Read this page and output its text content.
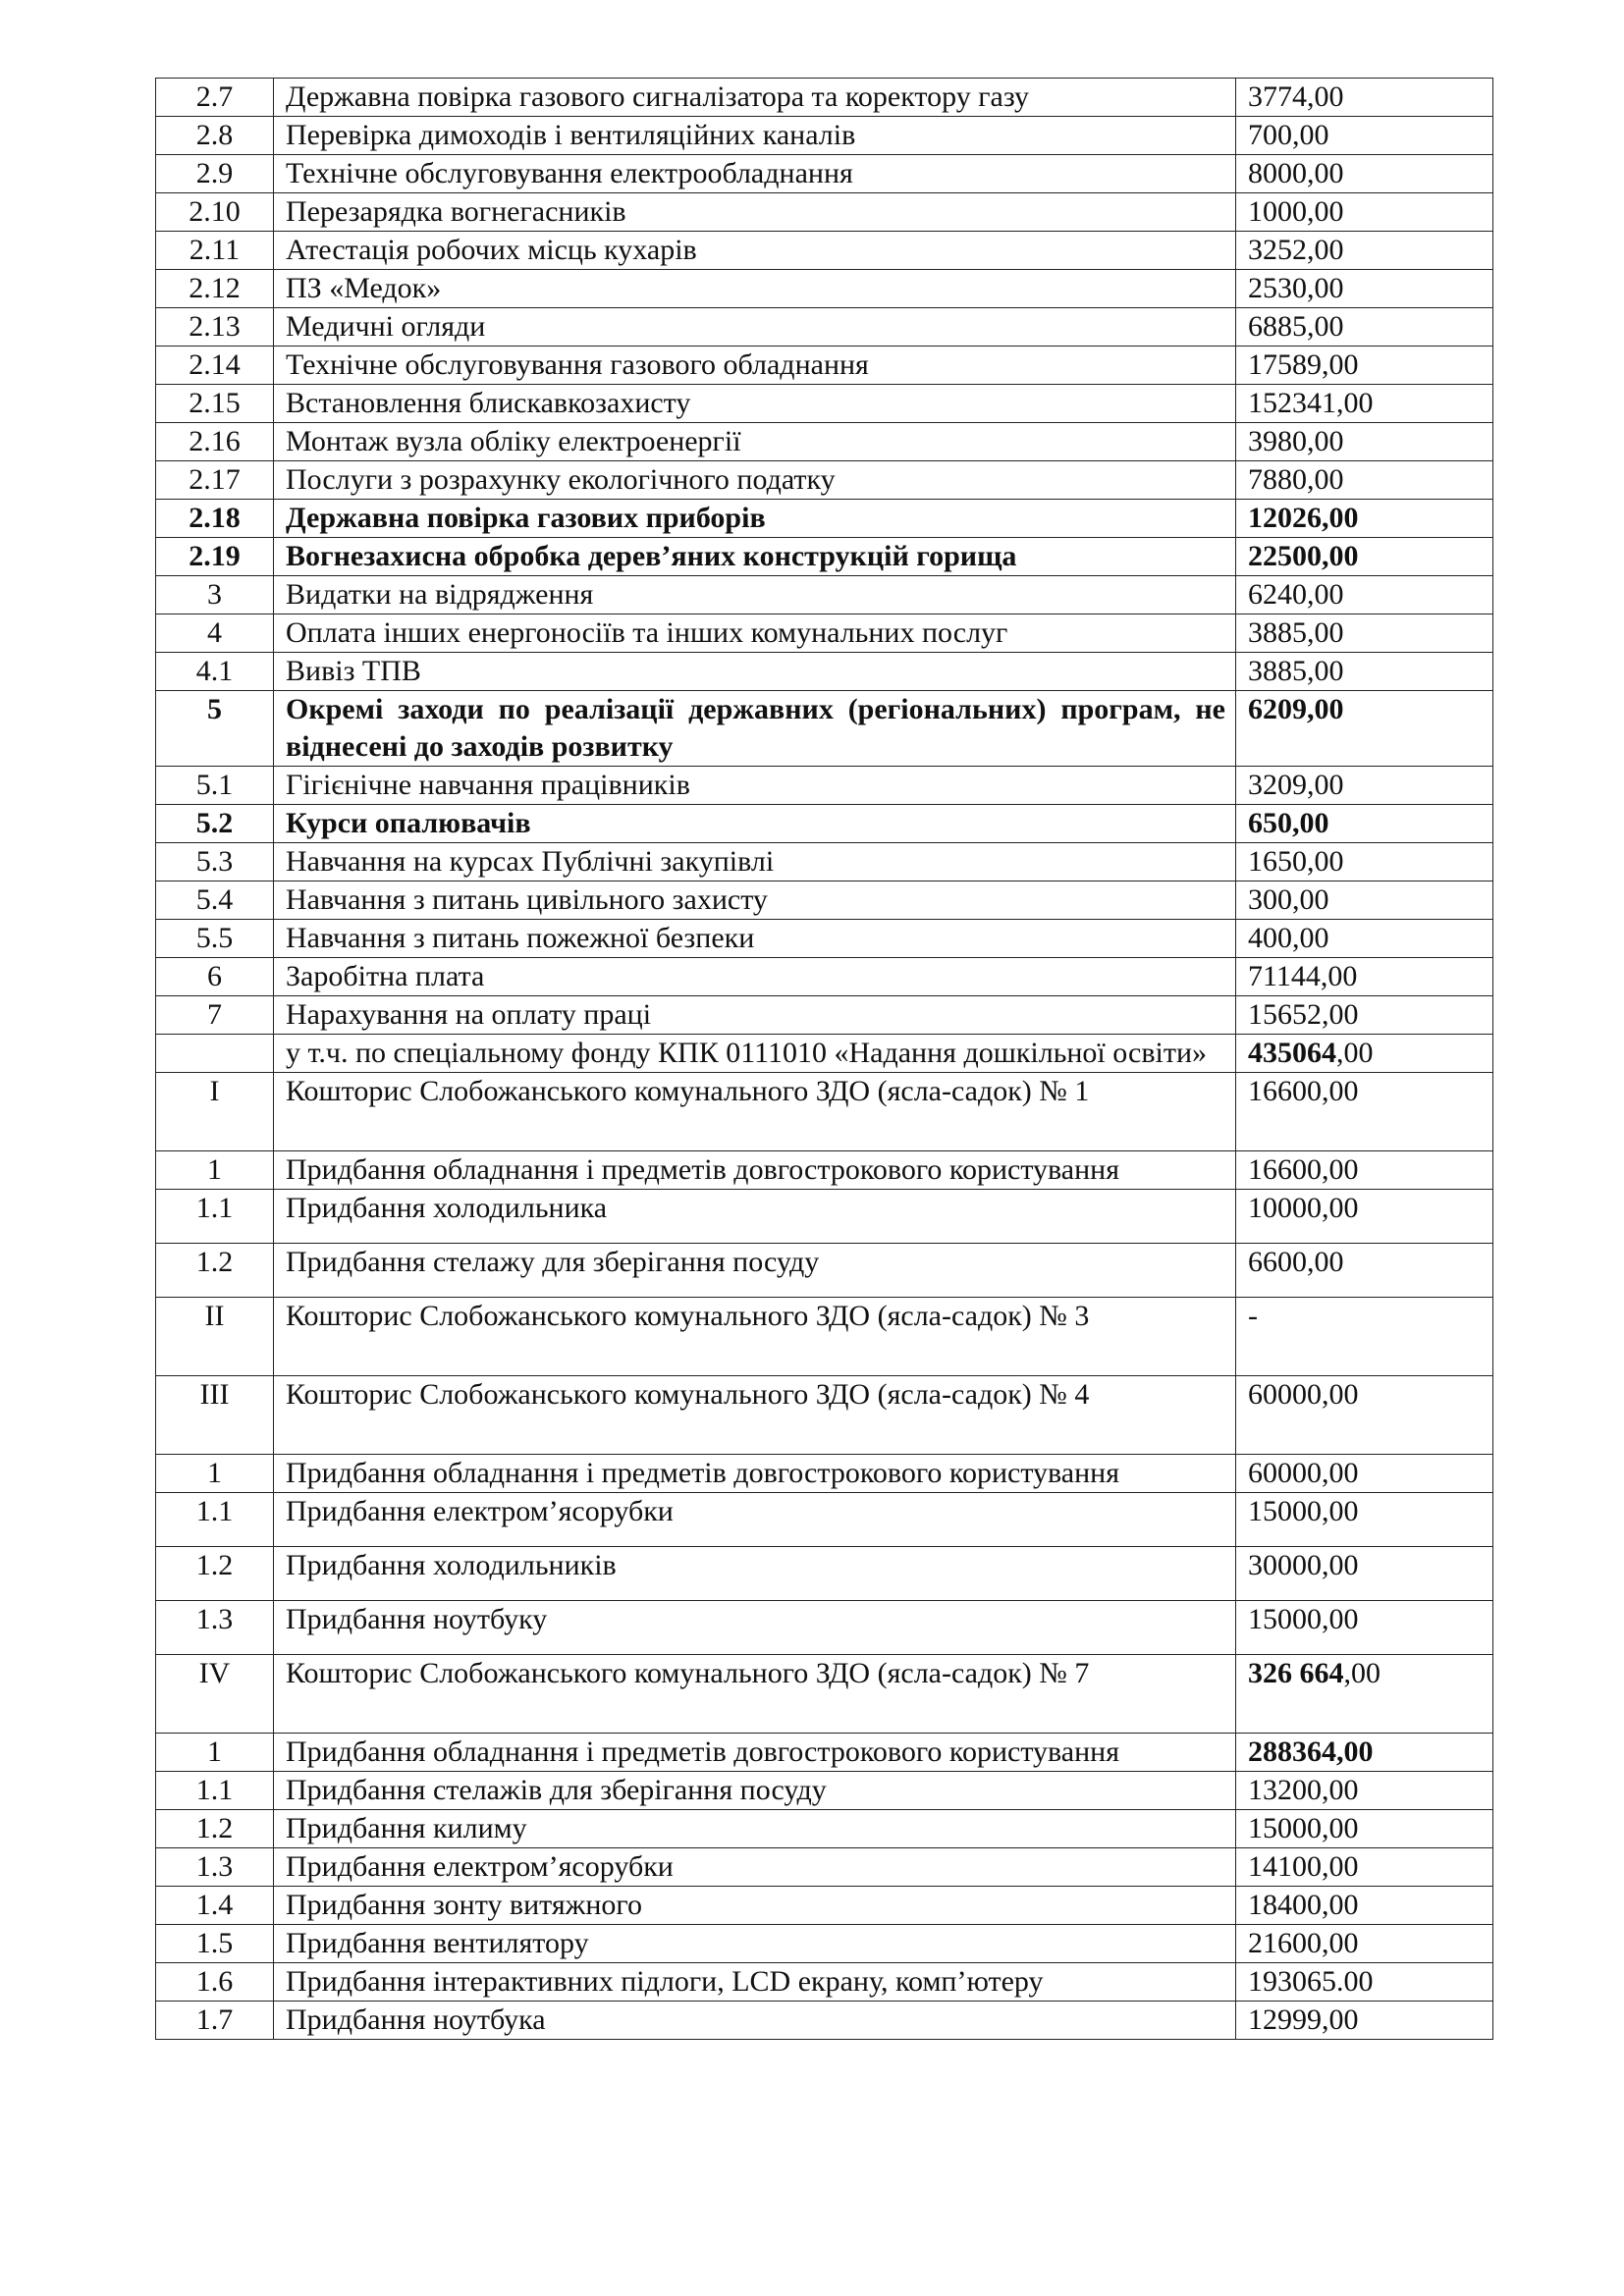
2.7	Державна повірка газового сигналізатора та коректору газу	3774,00
2.8	Перевірка димоходів і вентиляційних каналів	700,00
2.9	Технічне обслуговування електрообладнання	8000,00
2.10	Перезарядка вогнегасників	1000,00
2.11	Атестація робочих місць кухарів	3252,00
2.12	ПЗ «Медок»	2530,00
2.13	Медичні огляди	6885,00
2.14	Технічне обслуговування газового обладнання	17589,00
2.15	Встановлення блискавкозахисту	152341,00
2.16	Монтаж вузла обліку електроенергії	3980,00
2.17	Послуги з розрахунку екологічного податку	7880,00
2.18	Державна повірка газових приборів	12026,00
2.19	Вогнезахисна обробка дерев’яних конструкцій горища	22500,00
3	Видатки на відрядження	6240,00
4	Оплата інших енергоносіїв та інших комунальних послуг	3885,00
4.1	Вивіз ТПВ	3885,00
5	Окремі заходи по реалізації державних (регіональних) програм, не віднесені до заходів розвитку	6209,00
5.1	Гігієнічне навчання працівників	3209,00
5.2	Курси опалювачів	650,00
5.3	Навчання на курсах Публічні закупівлі	1650,00
5.4	Навчання з питань цивільного захисту	300,00
5.5	Навчання з питань пожежної безпеки	400,00
6	Заробітна плата	71144,00
7	Нарахування на оплату праці	15652,00
	у т.ч. по спеціальному фонду КПК 0111010 «Надання дошкільної освіти»	435064,00
I	Кошторис Слобожанського комунального ЗДО (ясла-садок) № 1	16600,00
1	Придбання обладнання і предметів довгострокового користування	16600,00
1.1	Придбання холодильника	10000,00
1.2	Придбання стелажу для зберігання посуду	6600,00
II	Кошторис Слобожанського комунального ЗДО (ясла-садок) № 3	-
III	Кошторис Слобожанського комунального ЗДО (ясла-садок) № 4	60000,00
1	Придбання обладнання і предметів довгострокового користування	60000,00
1.1	Придбання електром’ясорубки	15000,00
1.2	Придбання холодильників	30000,00
1.3	Придбання ноутбуку	15000,00
IV	Кошторис Слобожанського комунального ЗДО (ясла-садок) № 7	326 664,00
1	Придбання обладнання і предметів довгострокового користування	288364,00
1.1	Придбання стелажів для зберігання посуду	13200,00
1.2	Придбання килиму	15000,00
1.3	Придбання електром’ясорубки	14100,00
1.4	Придбання зонту витяжного	18400,00
1.5	Придбання вентилятору	21600,00
1.6	Придбання інтерактивних підлоги, LCD екрану, комп’ютеру	193065.00
1.7	Придбання ноутбука	12999,00
